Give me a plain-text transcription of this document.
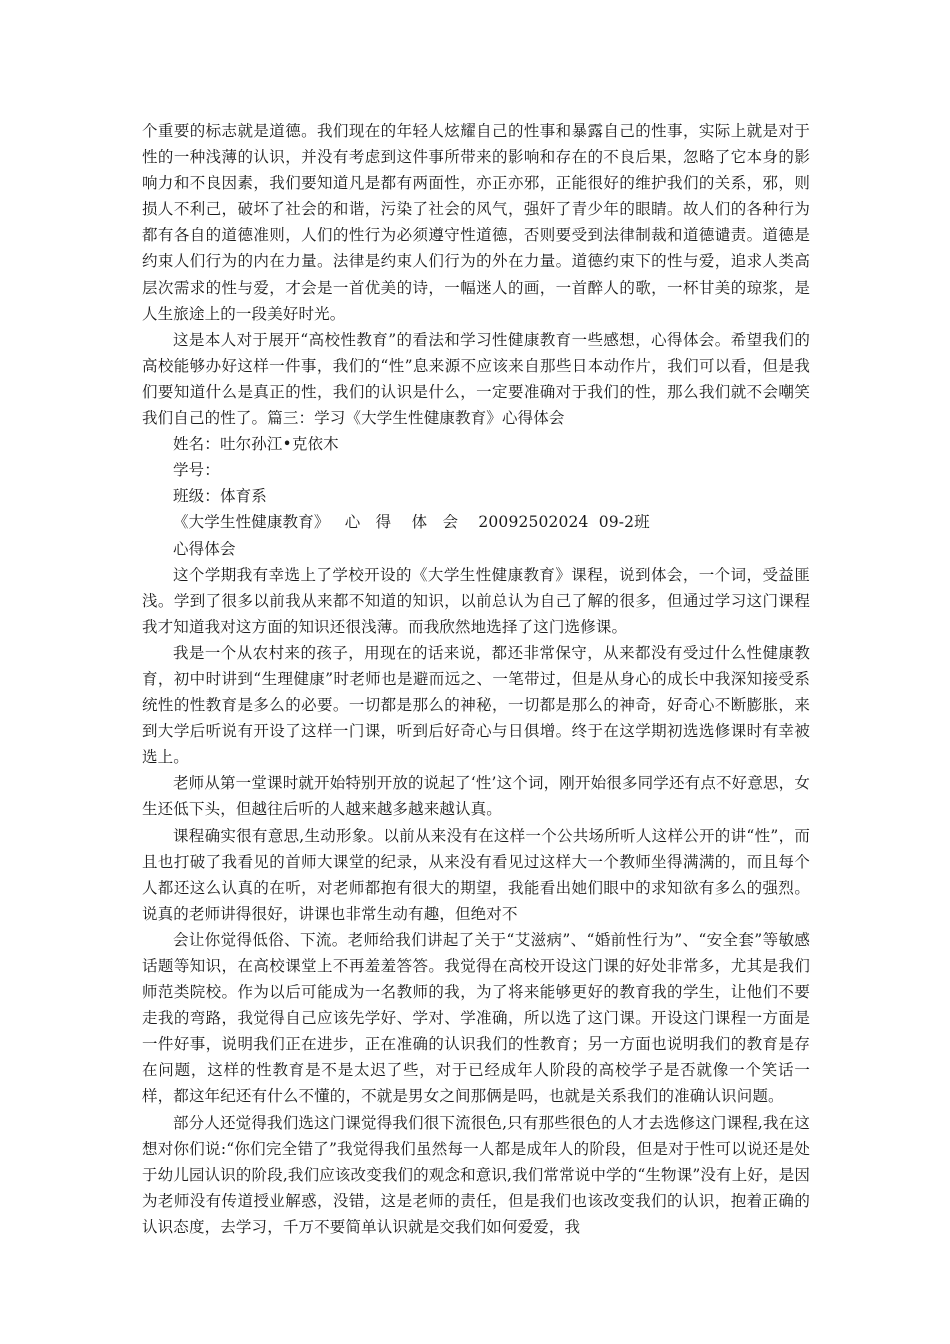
个重要的标志就是道德。我们现在的年轻人炫耀自己的性事和暴露自己的性事，实际上就是对于性的一种浅薄的认识，并没有考虑到这件事所带来的影响和存在的不良后果，忽略了它本身的影响力和不良因素，我们要知道凡是都有两面性，亦正亦邪，正能很好的维护我们的关系，邪，则损人不利己，破坏了社会的和谐，污染了社会的风气，强奸了青少年的眼睛。故人们的各种行为都有各自的道德准则，人们的性行为必须遵守性道德，否则要受到法律制裁和道德谴责。道德是约束人们行为的内在力量。法律是约束人们行为的外在力量。道德约束下的性与爱，追求人类高层次需求的性与爱，才会是一首优美的诗，一幅迷人的画，一首醉人的歌，一杯甘美的琼浆，是人生旅途上的一段美好时光。

这是本人对于展开“高校性教育”的看法和学习性健康教育一些感想，心得体会。希望我们的高校能够办好这样一件事，我们的“性”息来源不应该来自那些日本动作片，我们可以看，但是我们要知道什么是真正的性，我们的认识是什么，一定要准确对于我们的性，那么我们就不会嘲笑我们自己的性了。篇三：学习《大学生性健康教育》心得体会

姓名：吐尔孙江•克依木

学号：

班级：体育系

《大学生性健康教育》   心   得    体   会    20092502024  09-2班

心得体会

这个学期我有幸选上了学校开设的《大学生性健康教育》课程，说到体会，一个词，受益匪浅。学到了很多以前我从来都不知道的知识，以前总认为自己了解的很多，但通过学习这门课程我才知道我对这方面的知识还很浅薄。而我欣然地选择了这门选修课。

我是一个从农村来的孩子，用现在的话来说，都还非常保守，从来都没有受过什么性健康教育，初中时讲到“生理健康”时老师也是避而远之、一笔带过，但是从身心的成长中我深知接受系统性的性教育是多么的必要。一切都是那么的神秘，一切都是那么的神奇，好奇心不断膨胀，来到大学后听说有开设了这样一门课，听到后好奇心与日俱增。终于在这学期初选选修课时有幸被选上。

老师从第一堂课时就开始特别开放的说起了‘性’这个词，刚开始很多同学还有点不好意思，女生还低下头，但越往后听的人越来越多越来越认真。

课程确实很有意思,生动形象。以前从来没有在这样一个公共场所听人这样公开的讲“性”，而且也打破了我看见的首师大课堂的纪录，从来没有看见过这样大一个教师坐得满满的，而且每个人都还这么认真的在听，对老师都抱有很大的期望，我能看出她们眼中的求知欲有多么的强烈。 说真的老师讲得很好，讲课也非常生动有趣，但绝对不

会让你觉得低俗、下流。老师给我们讲起了关于“艾滋病”、“婚前性行为”、“安全套”等敏感话题等知识，在高校课堂上不再羞羞答答。我觉得在高校开设这门课的好处非常多，尤其是我们师范类院校。作为以后可能成为一名教师的我，为了将来能够更好的教育我的学生，让他们不要走我的弯路，我觉得自己应该先学好、学对、学准确，所以选了这门课。开设这门课程一方面是一件好事，说明我们正在进步，正在准确的认识我们的性教育；另一方面也说明我们的教育是存在问题，这样的性教育是不是太迟了些，对于已经成年人阶段的高校学子是否就像一个笑话一样，都这年纪还有什么不懂的，不就是男女之间那俩是吗，也就是关系我们的准确认识问题。

部分人还觉得我们选这门课觉得我们很下流很色,只有那些很色的人才去选修这门课程,我在这想对你们说:“你们完全错了”我觉得我们虽然每一人都是成年人的阶段，但是对于性可以说还是处于幼儿园认识的阶段,我们应该改变我们的观念和意识,我们常常说中学的“生物课”没有上好，是因为老师没有传道授业解惑，没错，这是老师的责任，但是我们也该改变我们的认识，抱着正确的认识态度，去学习，千万不要简单认识就是交我们如何爱爱，我
